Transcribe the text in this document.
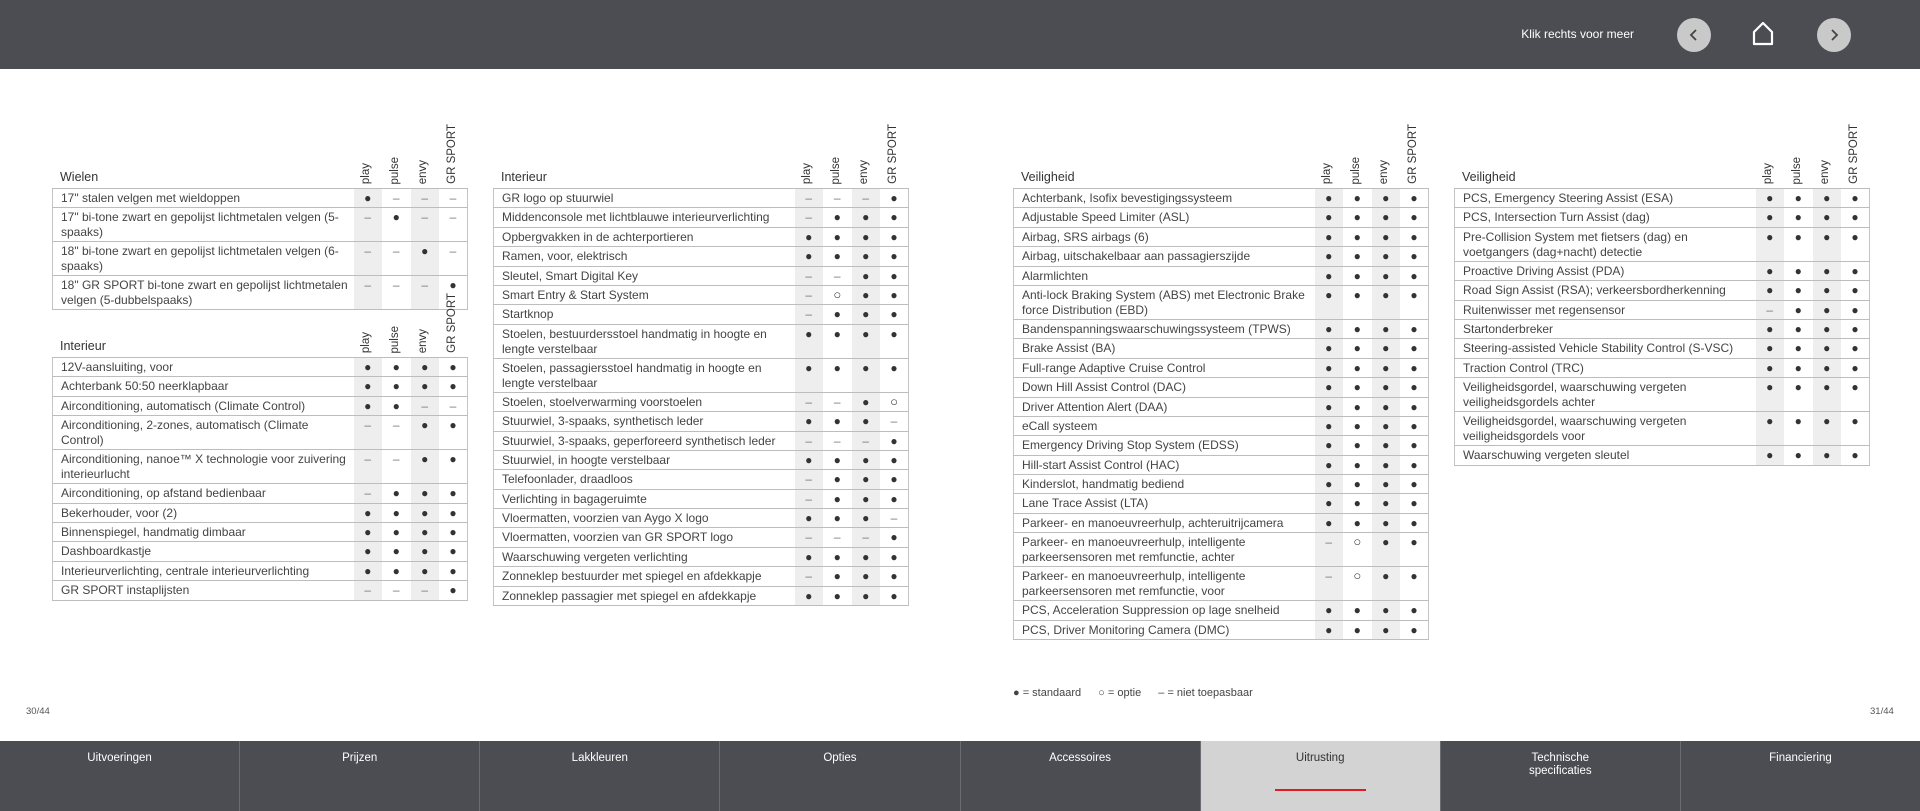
Klik rechts voor meer
Wielen	play pulse envy GR SPORT
17" stalen velgen met wieldoppen	●	–	–	–
17" bi-tone zwart en gepolijst lichtmetalen velgen (5-spaaks)	–	●	–	–
18" bi-tone zwart en gepolijst lichtmetalen velgen (6-spaaks)	–	–	●	–
18" GR SPORT bi-tone zwart en gepolijst lichtmetalen velgen (5-dubbelspaaks)	–	–	–	●
Interieur	play pulse envy GR SPORT
12V-aansluiting, voor	●	●	●	●
Achterbank 50:50 neerklapbaar	●	●	●	●
Airconditioning, automatisch (Climate Control)	●	●	–	–
Airconditioning, 2-zones, automatisch (Climate Control)	–	–	●	●
Airconditioning, nanoe™ X technologie voor zuivering interieurlucht	–	–	●	●
Airconditioning, op afstand bedienbaar	–	●	●	●
Bekerhouder, voor (2)	●	●	●	●
Binnenspiegel, handmatig dimbaar	●	●	●	●
Dashboardkastje	●	●	●	●
Interieurverlichting, centrale interieurverlichting	●	●	●	●
GR SPORT instaplijsten	–	–	–	●
Interieur	play pulse envy GR SPORT
GR logo op stuurwiel	–	–	–	●
Middenconsole met lichtblauwe interieurverlichting	–	●	●	●
Opbergvakken in de achterportieren	●	●	●	●
Ramen, voor, elektrisch	●	●	●	●
Sleutel, Smart Digital Key	–	–	●	●
Smart Entry & Start System	–	○	●	●
Startknop	–	●	●	●
Stoelen, bestuurdersstoel handmatig in hoogte en lengte verstelbaar	●	●	●	●
Stoelen, passagiersstoel handmatig in hoogte en lengte verstelbaar	●	●	●	●
Stoelen, stoelverwarming voorstoelen	–	–	●	○
Stuurwiel, 3-spaaks, synthetisch leder	●	●	●	–
Stuurwiel, 3-spaaks, geperforeerd synthetisch leder	–	–	–	●
Stuurwiel, in hoogte verstelbaar	●	●	●	●
Telefoonlader, draadloos	–	●	●	●
Verlichting in bagageruimte	–	●	●	●
Vloermatten, voorzien van Aygo X logo	●	●	●	–
Vloermatten, voorzien van GR SPORT logo	–	–	–	●
Waarschuwing vergeten verlichting	●	●	●	●
Zonneklep bestuurder met spiegel en afdekkapje	–	●	●	●
Zonneklep passagier met spiegel en afdekkapje	●	●	●	●
Veiligheid	play pulse envy GR SPORT
Achterbank, Isofix bevestigingssysteem	●	●	●	●
Adjustable Speed Limiter (ASL)	●	●	●	●
Airbag, SRS airbags (6)	●	●	●	●
Airbag, uitschakelbaar aan passagierszijde	●	●	●	●
Alarmlichten	●	●	●	●
Anti-lock Braking System (ABS) met Electronic Brake force Distribution (EBD)	●	●	●	●
Bandenspanningswaarschuwingssysteem (TPWS)	●	●	●	●
Brake Assist (BA)	●	●	●	●
Full-range Adaptive Cruise Control	●	●	●	●
Down Hill Assist Control (DAC)	●	●	●	●
Driver Attention Alert (DAA)	●	●	●	●
eCall systeem	●	●	●	●
Emergency Driving Stop System (EDSS)	●	●	●	●
Hill-start Assist Control (HAC)	●	●	●	●
Kinderslot, handmatig bediend	●	●	●	●
Lane Trace Assist (LTA)	●	●	●	●
Parkeer- en manoeuvreerhulp, achteruitrijcamera	●	●	●	●
Parkeer- en manoeuvreerhulp, intelligente parkeersensoren met remfunctie, achter	–	○	●	●
Parkeer- en manoeuvreerhulp, intelligente parkeersensoren met remfunctie, voor	–	○	●	●
PCS, Acceleration Suppression op lage snelheid	●	●	●	●
PCS, Driver Monitoring Camera (DMC)	●	●	●	●
Veiligheid	play pulse envy GR SPORT
PCS, Emergency Steering Assist (ESA)	●	●	●	●
PCS, Intersection Turn Assist (dag)	●	●	●	●
Pre-Collision System met fietsers (dag) en voetgangers (dag+nacht) detectie	●	●	●	●
Proactive Driving Assist (PDA)	●	●	●	●
Road Sign Assist (RSA); verkeersbordherkenning	●	●	●	●
Ruitenwisser met regensensor	–	●	●	●
Startonderbreker	●	●	●	●
Steering-assisted Vehicle Stability Control (S-VSC)	●	●	●	●
Traction Control (TRC)	●	●	●	●
Veiligheidsgordel, waarschuwing vergeten veiligheidsgordels achter	●	●	●	●
Veiligheidsgordel, waarschuwing vergeten veiligheidsgordels voor	●	●	●	●
Waarschuwing vergeten sleutel	●	●	●	●
● = standaard ○ = optie – = niet toepasbaar
30/44	31/44
Uitvoeringen	Prijzen	Lakkleuren	Opties	Accessoires	Uitrusting	Technische
specificaties
Financiering
